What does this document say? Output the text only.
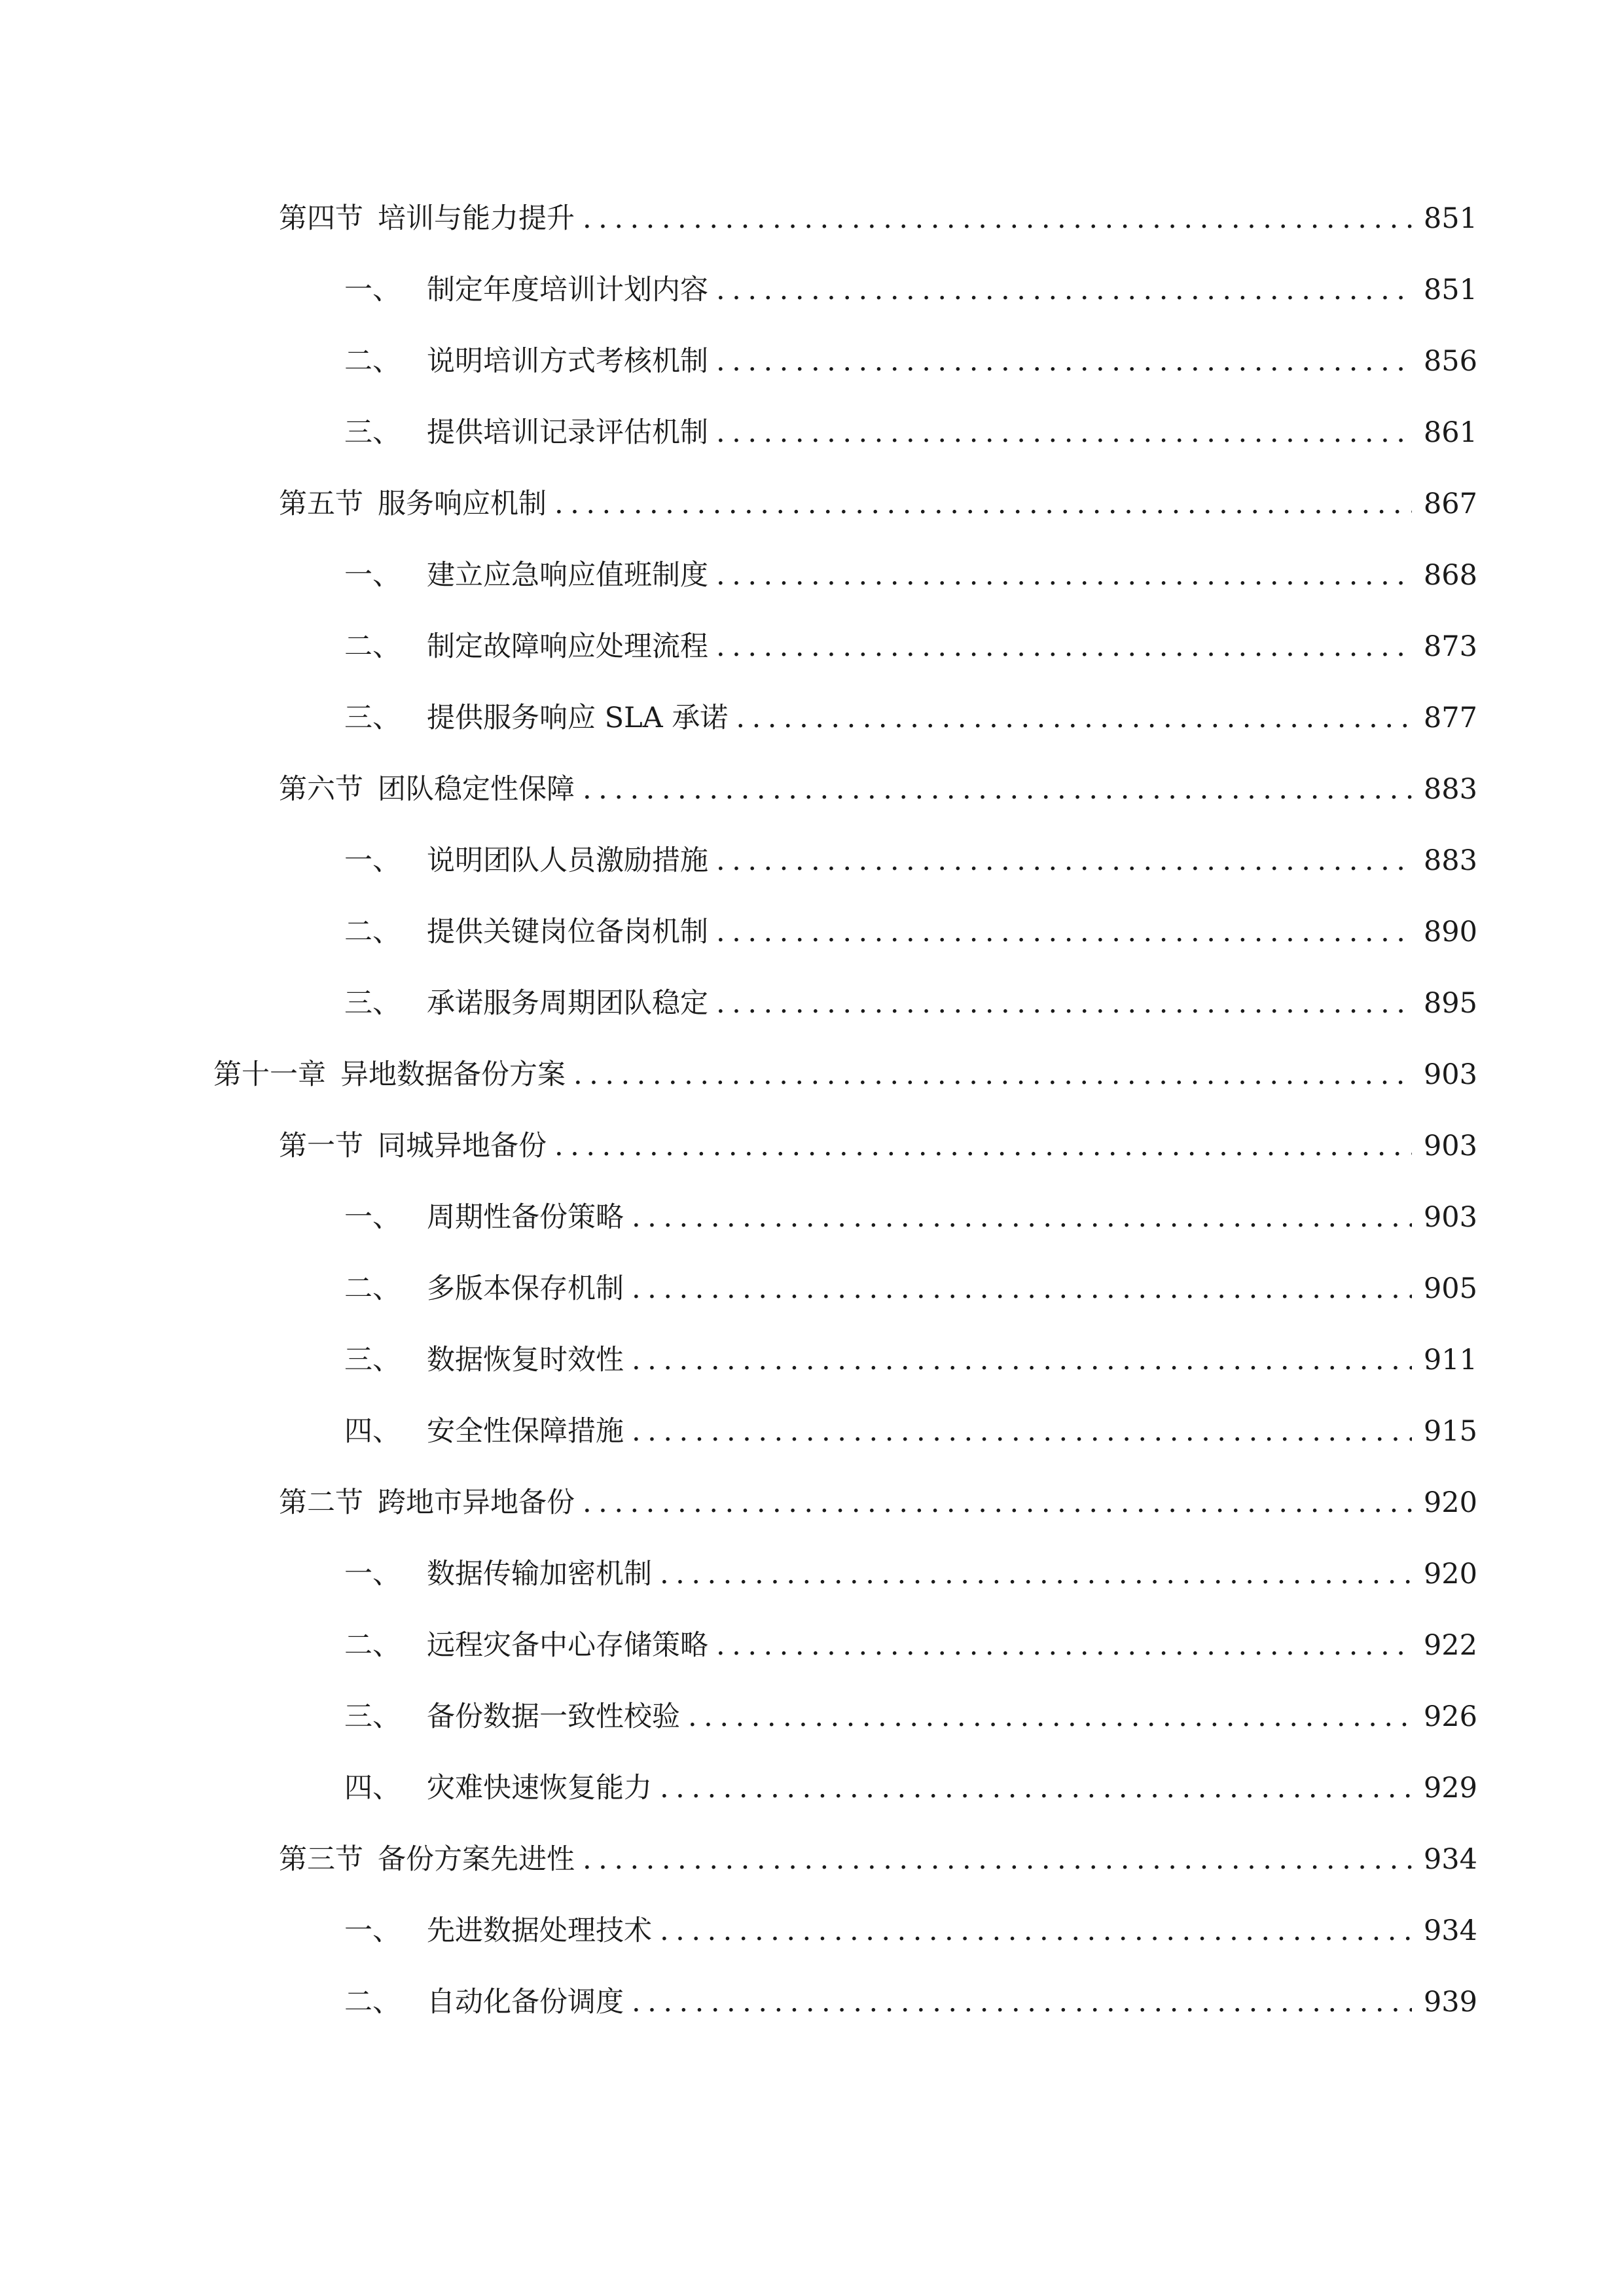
第四节 培训与能力提升 .....	851
一、 制定年度培训计划内容 .....	851
二、 说明培训方式考核机制 .....	856
三、 提供培训记录评估机制 .....	861
第五节 服务响应机制 .....	867
一、 建立应急响应值班制度 .....	868
二、 制定故障响应处理流程 .....	873
三、 提供服务响应 SLA 承诺 .....	877
第六节 团队稳定性保障 .....	883
一、 说明团队人员激励措施 .....	883
二、 提供关键岗位备岗机制 .....	890
三、 承诺服务周期团队稳定 .....	895
第十一章 异地数据备份方案 .....	903
第一节 同城异地备份 .....	903
一、 周期性备份策略 .....	903
二、 多版本保存机制 .....	905
三、 数据恢复时效性 .....	911
四、 安全性保障措施 .....	915
第二节 跨地市异地备份 .....	920
一、 数据传输加密机制 .....	920
二、 远程灾备中心存储策略 .....	922
三、 备份数据一致性校验 .....	926
四、 灾难快速恢复能力 .....	929
第三节 备份方案先进性 .....	934
一、 先进数据处理技术 .....	934
二、 自动化备份调度 .....	939
